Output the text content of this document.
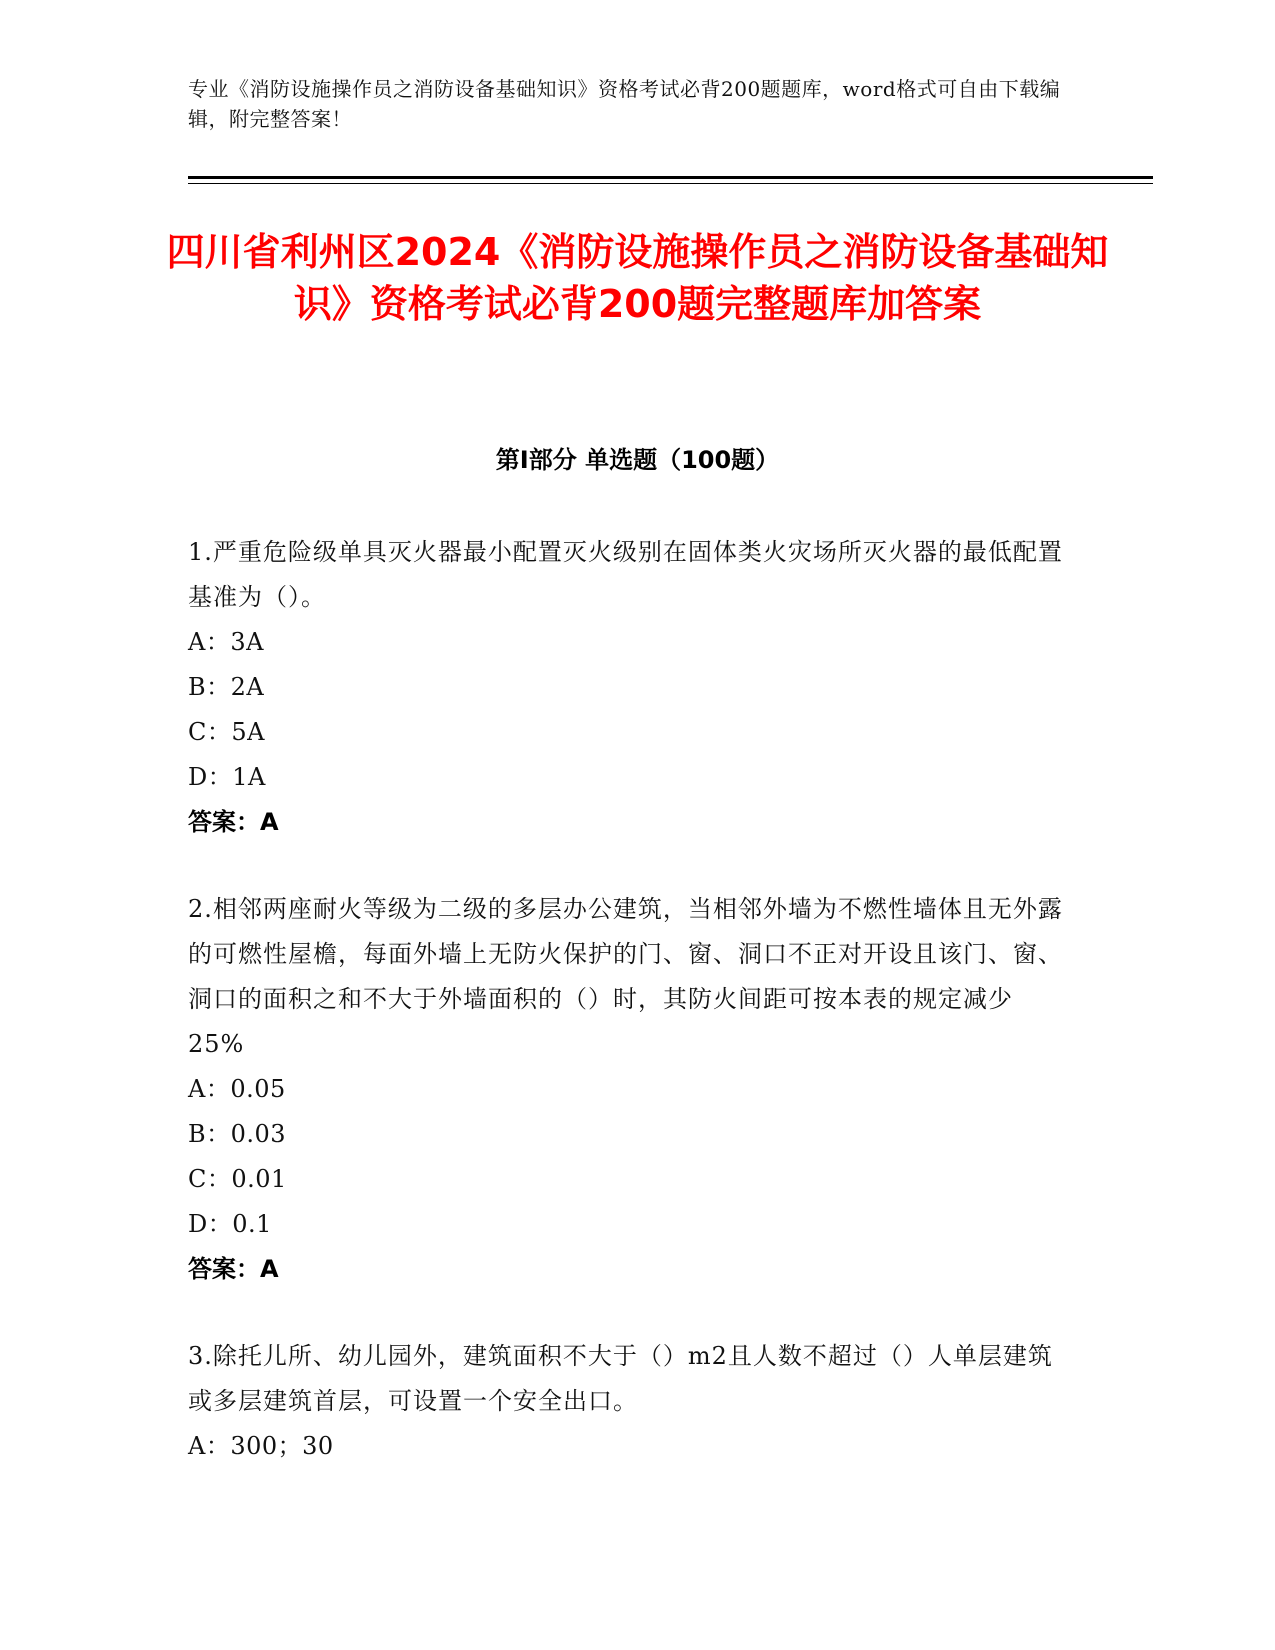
专业《消防设施操作员之消防设备基础知识》资格考试必背200题题库，word格式可自由下载编辑，附完整答案！
四川省利州区2024《消防设施操作员之消防设备基础知识》资格考试必背200题完整题库加答案
第I部分 单选题（100题）
1.严重危险级单具灭火器最小配置灭火级别在固体类火灾场所灭火器的最低配置基准为（）。
A：3A
B：2A
C：5A
D：1A
答案：A
2.相邻两座耐火等级为二级的多层办公建筑，当相邻外墙为不燃性墙体且无外露的可燃性屋檐，每面外墙上无防火保护的门、窗、洞口不正对开设且该门、窗、洞口的面积之和不大于外墙面积的（）时，其防火间距可按本表的规定减少25%
A：0.05
B：0.03
C：0.01
D：0.1
答案：A
3.除托儿所、幼儿园外，建筑面积不大于（）m2且人数不超过（）人单层建筑或多层建筑首层，可设置一个安全出口。
A：300；30
